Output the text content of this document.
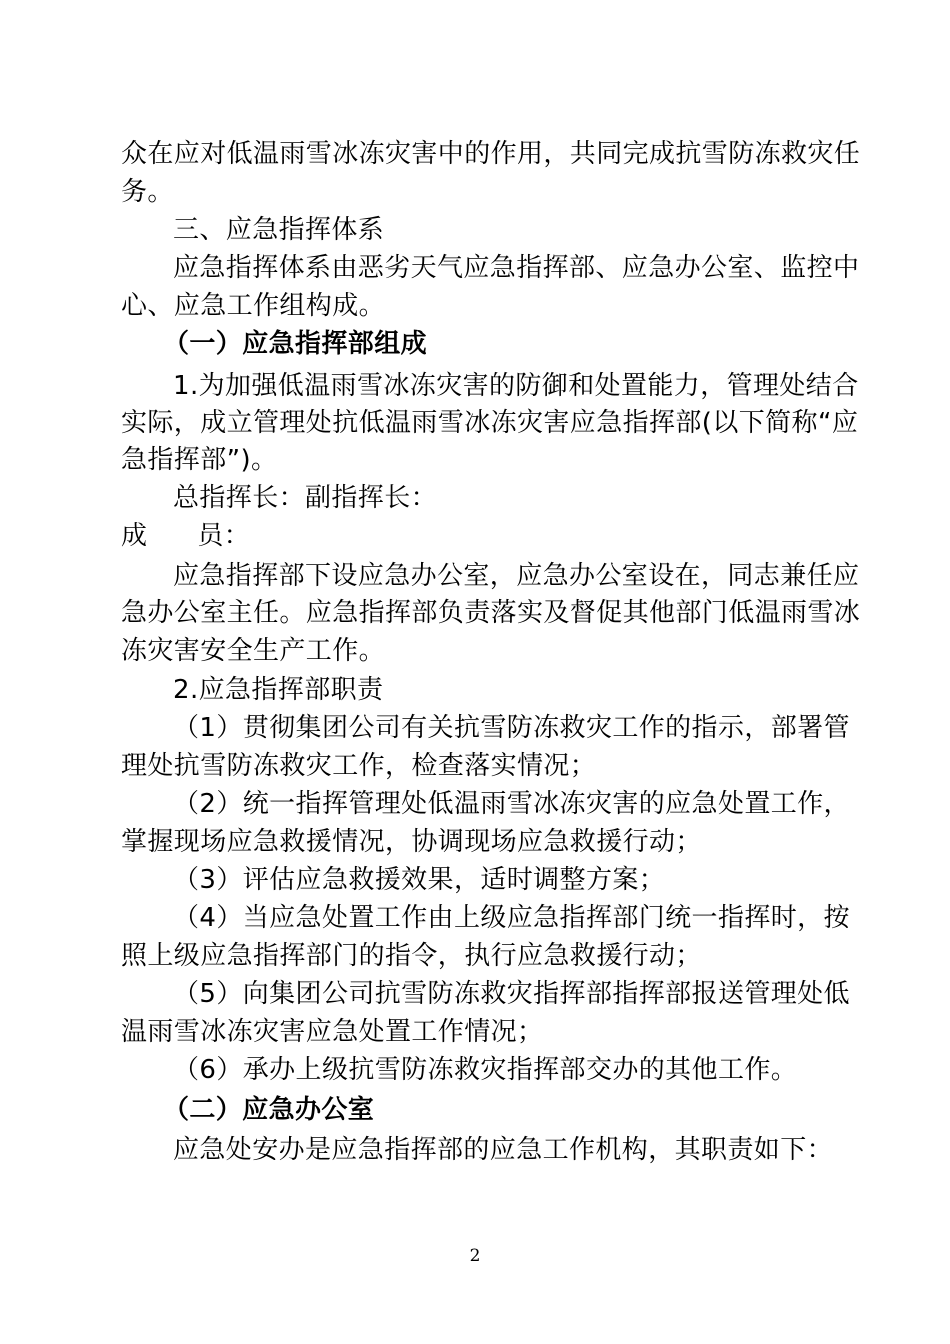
众在应对低温雨雪冰冻灾害中的作用，共同完成抗雪防冻救灾任
务。
三、应急指挥体系
应急指挥体系由恶劣天气应急指挥部、应急办公室、监控中
心、应急工作组构成。
（一）应急指挥部组成
1.为加强低温雨雪冰冻灾害的防御和处置能力，管理处结合
实际，成立管理处抗低温雨雪冰冻灾害应急指挥部(以下简称“应
急指挥部”)。
总指挥长：副指挥长：
成 员：
应急指挥部下设应急办公室，应急办公室设在，同志兼任应
急办公室主任。应急指挥部负责落实及督促其他部门低温雨雪冰
冻灾害安全生产工作。
2.应急指挥部职责
（1）贯彻集团公司有关抗雪防冻救灾工作的指示，部署管
理处抗雪防冻救灾工作，检查落实情况；
（2）统一指挥管理处低温雨雪冰冻灾害的应急处置工作，
掌握现场应急救援情况，协调现场应急救援行动；
（3）评估应急救援效果，适时调整方案；
（4）当应急处置工作由上级应急指挥部门统一指挥时，按
照上级应急指挥部门的指令，执行应急救援行动；
（5）向集团公司抗雪防冻救灾指挥部指挥部报送管理处低
温雨雪冰冻灾害应急处置工作情况；
（6）承办上级抗雪防冻救灾指挥部交办的其他工作。
（二）应急办公室
应急处安办是应急指挥部的应急工作机构，其职责如下：
2
